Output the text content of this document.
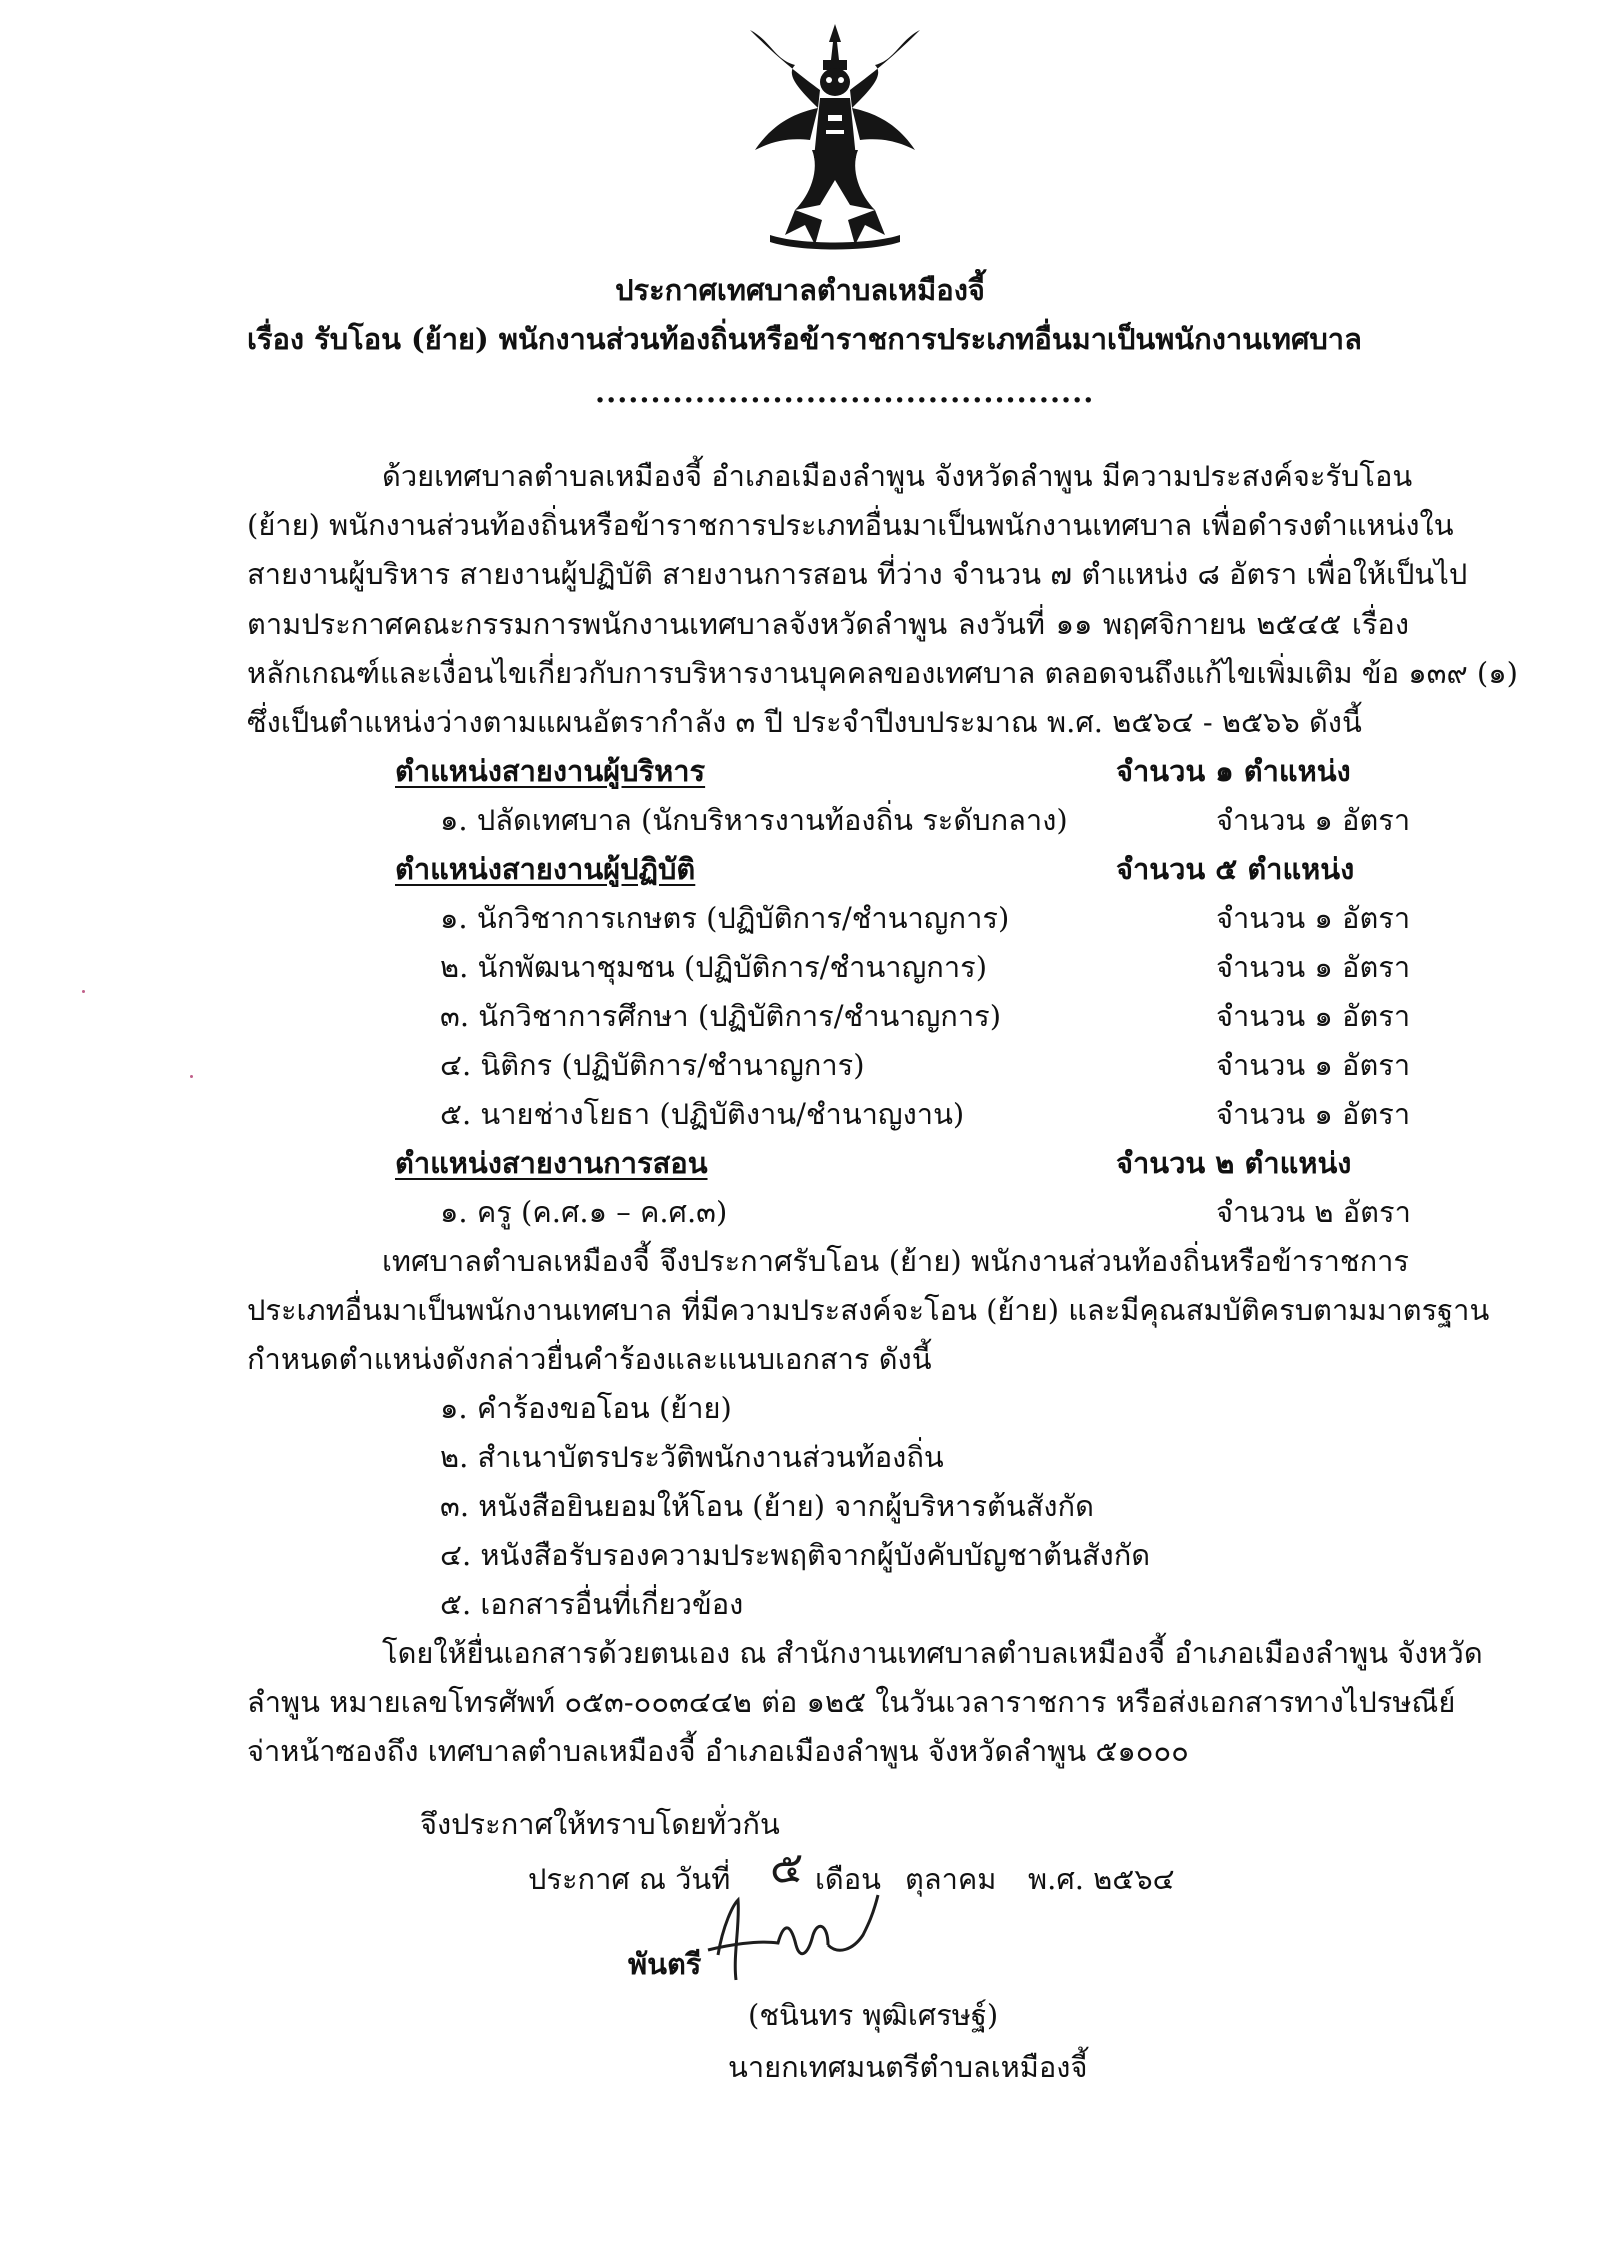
ประกาศเทศบาลตำบลเหมืองจี้
เรื่อง รับโอน (ย้าย) พนักงานส่วนท้องถิ่นหรือข้าราชการประเภทอื่นมาเป็นพนักงานเทศบาล
.............................................
ด้วยเทศบาลตำบลเหมืองจี้ อำเภอเมืองลำพูน จังหวัดลำพูน มีความประสงค์จะรับโอน
(ย้าย) พนักงานส่วนท้องถิ่นหรือข้าราชการประเภทอื่นมาเป็นพนักงานเทศบาล เพื่อดำรงตำแหน่งใน
สายงานผู้บริหาร สายงานผู้ปฏิบัติ สายงานการสอน ที่ว่าง จำนวน ๗ ตำแหน่ง ๘ อัตรา เพื่อให้เป็นไป
ตามประกาศคณะกรรมการพนักงานเทศบาลจังหวัดลำพูน ลงวันที่ ๑๑ พฤศจิกายน ๒๕๔๕ เรื่อง
หลักเกณฑ์และเงื่อนไขเกี่ยวกับการบริหารงานบุคคลของเทศบาล ตลอดจนถึงแก้ไขเพิ่มเติม ข้อ ๑๓๙ (๑)
ซึ่งเป็นตำแหน่งว่างตามแผนอัตรากำลัง ๓ ปี ประจำปีงบประมาณ พ.ศ. ๒๕๖๔ - ๒๕๖๖ ดังนี้
ตำแหน่งสายงานผู้บริหาร	จำนวน ๑ ตำแหน่ง
๑. ปลัดเทศบาล (นักบริหารงานท้องถิ่น ระดับกลาง)	จำนวน ๑ อัตรา
ตำแหน่งสายงานผู้ปฏิบัติ	จำนวน ๕ ตำแหน่ง
๑. นักวิชาการเกษตร (ปฏิบัติการ/ชำนาญการ)	จำนวน ๑ อัตรา
๒. นักพัฒนาชุมชน (ปฏิบัติการ/ชำนาญการ)	จำนวน ๑ อัตรา
๓. นักวิชาการศึกษา (ปฏิบัติการ/ชำนาญการ)	จำนวน ๑ อัตรา
๔. นิติกร (ปฏิบัติการ/ชำนาญการ)	จำนวน ๑ อัตรา
๕. นายช่างโยธา (ปฏิบัติงาน/ชำนาญงาน)	จำนวน ๑ อัตรา
ตำแหน่งสายงานการสอน	จำนวน ๒ ตำแหน่ง
๑. ครู (ค.ศ.๑ – ค.ศ.๓)	จำนวน ๒ อัตรา
เทศบาลตำบลเหมืองจี้ จึงประกาศรับโอน (ย้าย) พนักงานส่วนท้องถิ่นหรือข้าราชการ
ประเภทอื่นมาเป็นพนักงานเทศบาล ที่มีความประสงค์จะโอน (ย้าย) และมีคุณสมบัติครบตามมาตรฐาน
กำหนดตำแหน่งดังกล่าวยื่นคำร้องและแนบเอกสาร ดังนี้
๑. คำร้องขอโอน (ย้าย)
๒. สำเนาบัตรประวัติพนักงานส่วนท้องถิ่น
๓. หนังสือยินยอมให้โอน (ย้าย) จากผู้บริหารต้นสังกัด
๔. หนังสือรับรองความประพฤติจากผู้บังคับบัญชาต้นสังกัด
๕. เอกสารอื่นที่เกี่ยวข้อง
โดยให้ยื่นเอกสารด้วยตนเอง ณ สำนักงานเทศบาลตำบลเหมืองจี้ อำเภอเมืองลำพูน จังหวัด
ลำพูน หมายเลขโทรศัพท์ ๐๕๓-๐๐๓๔๔๒ ต่อ ๑๒๕ ในวันเวลาราชการ หรือส่งเอกสารทางไปรษณีย์
จ่าหน้าซองถึง เทศบาลตำบลเหมืองจี้ อำเภอเมืองลำพูน จังหวัดลำพูน ๕๑๐๐๐
จึงประกาศให้ทราบโดยทั่วกัน
ประกาศ ณ วันที่ ๕ เดือน ตุลาคม พ.ศ. ๒๕๖๔
พันตรี
(ชนินทร พุฒิเศรษฐ์)
นายกเทศมนตรีตำบลเหมืองจี้
